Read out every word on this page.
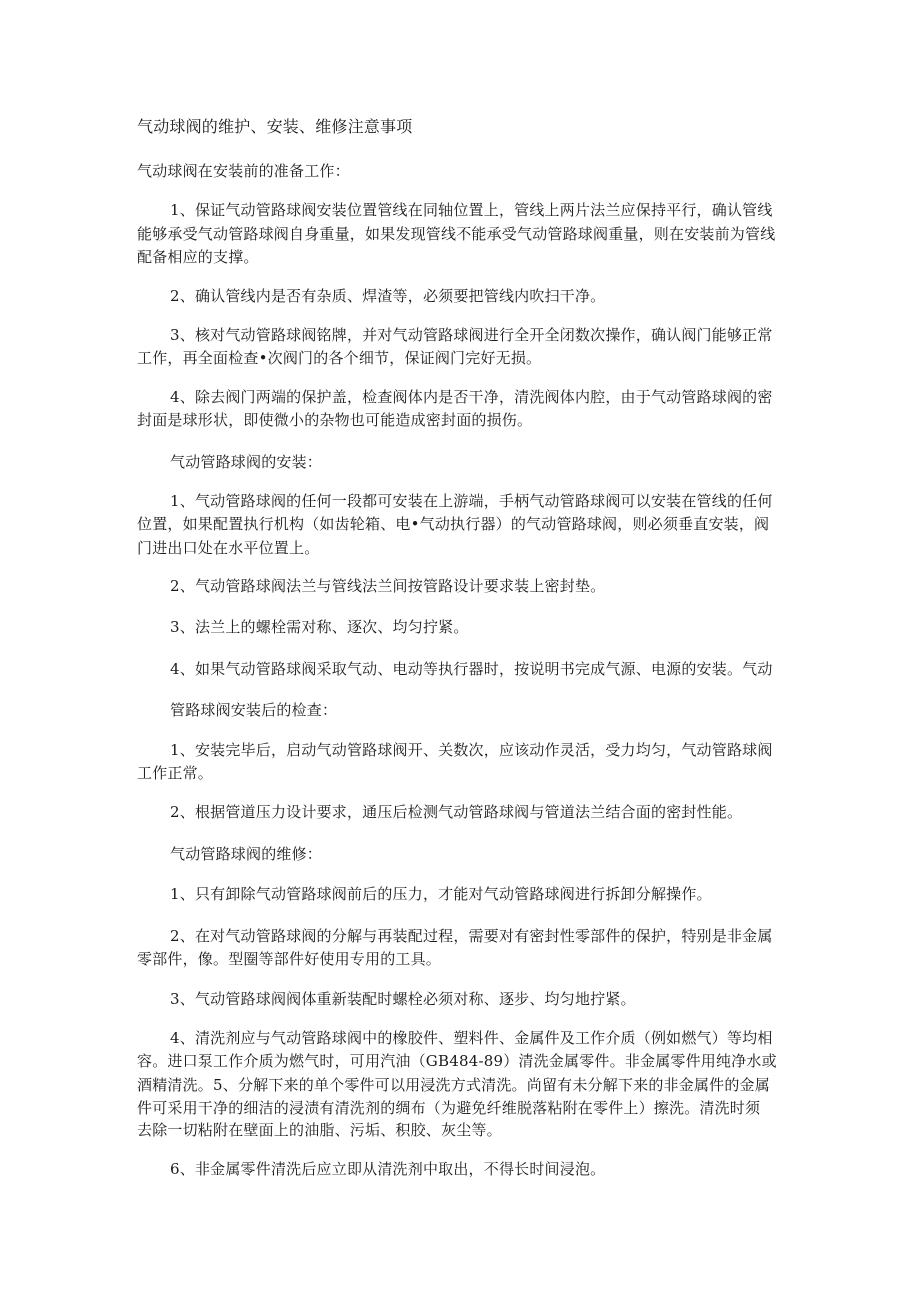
气动球阀的维护、安装、维修注意事项
气动球阀在安装前的准备工作：
1、保证气动管路球阀安装位置管线在同轴位置上，管线上两片法兰应保持平行，确认管线
能够承受气动管路球阀自身重量，如果发现管线不能承受气动管路球阀重量，则在安装前为管线
配备相应的支撑。
2、确认管线内是否有杂质、焊渣等，必须要把管线内吹扫干净。
3、核对气动管路球阀铭牌，并对气动管路球阀进行全开全闭数次操作，确认阀门能够正常
工作，再全面检查•次阀门的各个细节，保证阀门完好无损。
4、除去阀门两端的保护盖，检查阀体内是否干净，清洗阀体内腔，由于气动管路球阀的密
封面是球形状，即使微小的杂物也可能造成密封面的损伤。
气动管路球阀的安装：
1、气动管路球阀的任何一段都可安装在上游端，手柄气动管路球阀可以安装在管线的任何
位置，如果配置执行机构（如齿轮箱、电•气动执行器）的气动管路球阀，则必须垂直安装，阀
门进出口处在水平位置上。
2、气动管路球阀法兰与管线法兰间按管路设计要求装上密封垫。
3、法兰上的螺栓需对称、逐次、均匀拧紧。
4、如果气动管路球阀采取气动、电动等执行器时，按说明书完成气源、电源的安装。气动
管路球阀安装后的检查：
1、安装完毕后，启动气动管路球阀开、关数次，应该动作灵活，受力均匀，气动管路球阀
工作正常。
2、根据管道压力设计要求，通压后检测气动管路球阀与管道法兰结合面的密封性能。
气动管路球阀的维修：
1、只有卸除气动管路球阀前后的压力，才能对气动管路球阀进行拆卸分解操作。
2、在对气动管路球阀的分解与再装配过程，需要对有密封性零部件的保护，特别是非金属
零部件，像。型圈等部件好使用专用的工具。
3、气动管路球阀阀体重新装配时螺栓必须对称、逐步、均匀地拧紧。
4、清洗剂应与气动管路球阀中的橡胶件、塑料件、金属件及工作介质（例如燃气）等均相
容。进口泵工作介质为燃气时，可用汽油（GB484-89）清洗金属零件。非金属零件用纯净水或
酒精清洗。5、分解下来的单个零件可以用浸洗方式清洗。尚留有未分解下来的非金属件的金属
件可采用干净的细洁的浸渍有清洗剂的绸布（为避免纤维脱落粘附在零件上）擦洗。清洗时须
去除一切粘附在壁面上的油脂、污垢、积胶、灰尘等。
6、非金属零件清洗后应立即从清洗剂中取出，不得长时间浸泡。
